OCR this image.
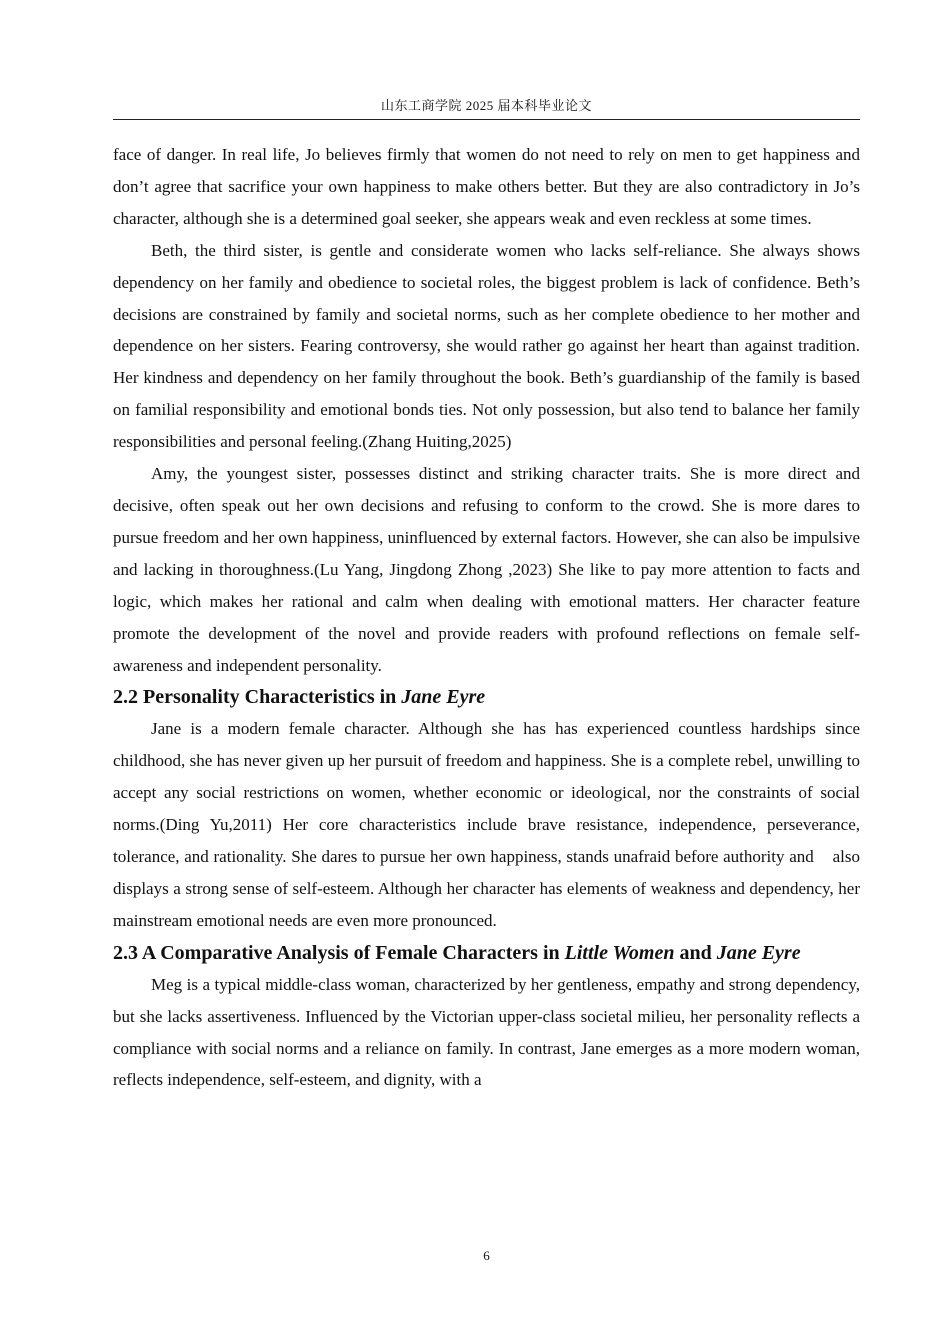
山东工商学院 2025 届本科毕业论文

face of danger. In real life, Jo believes firmly that women do not need to rely on men to get happiness and don’t agree that sacrifice your own happiness to make others better. But they are also contradictory in Jo’s character, although she is a determined goal seeker, she appears weak and even reckless at some times.

Beth, the third sister, is gentle and considerate women who lacks self-reliance. She always shows dependency on her family and obedience to societal roles, the biggest problem is lack of confidence. Beth’s decisions are constrained by family and societal norms, such as her complete obedience to her mother and dependence on her sisters. Fearing controversy, she would rather go against her heart than against tradition. Her kindness and dependency on her family throughout the book. Beth’s guardianship of the family is based on familial responsibility and emotional bonds ties. Not only possession, but also tend to balance her family responsibilities and personal feeling.(Zhang Huiting,2025)

Amy, the youngest sister, possesses distinct and striking character traits. She is more direct and decisive, often speak out her own decisions and refusing to conform to the crowd. She is more dares to pursue freedom and her own happiness, uninfluenced by external factors. However, she can also be impulsive and lacking in thoroughness.(Lu Yang, Jingdong Zhong ,2023) She like to pay more attention to facts and logic, which makes her rational and calm when dealing with emotional matters. Her character feature promote the development of the novel and provide readers with profound reflections on female self-awareness and independent personality.

2.2 Personality Characteristics in Jane Eyre

Jane is a modern female character. Although she has has experienced countless hardships since childhood, she has never given up her pursuit of freedom and happiness. She is a complete rebel, unwilling to accept any social restrictions on women, whether economic or ideological, nor the constraints of social norms.(Ding Yu,2011) Her core characteristics include brave resistance, independence, perseverance, tolerance, and rationality. She dares to pursue her own happiness, stands unafraid before authority and    also displays a strong sense of self-esteem. Although her character has elements of weakness and dependency, her mainstream emotional needs are even more pronounced.

2.3 A Comparative Analysis of Female Characters in Little Women and Jane Eyre

Meg is a typical middle-class woman, characterized by her gentleness, empathy and strong dependency, but she lacks assertiveness. Influenced by the Victorian upper-class societal milieu, her personality reflects a compliance with social norms and a reliance on family. In contrast, Jane emerges as a more modern woman, reflects independence, self-esteem, and dignity, with a

6
